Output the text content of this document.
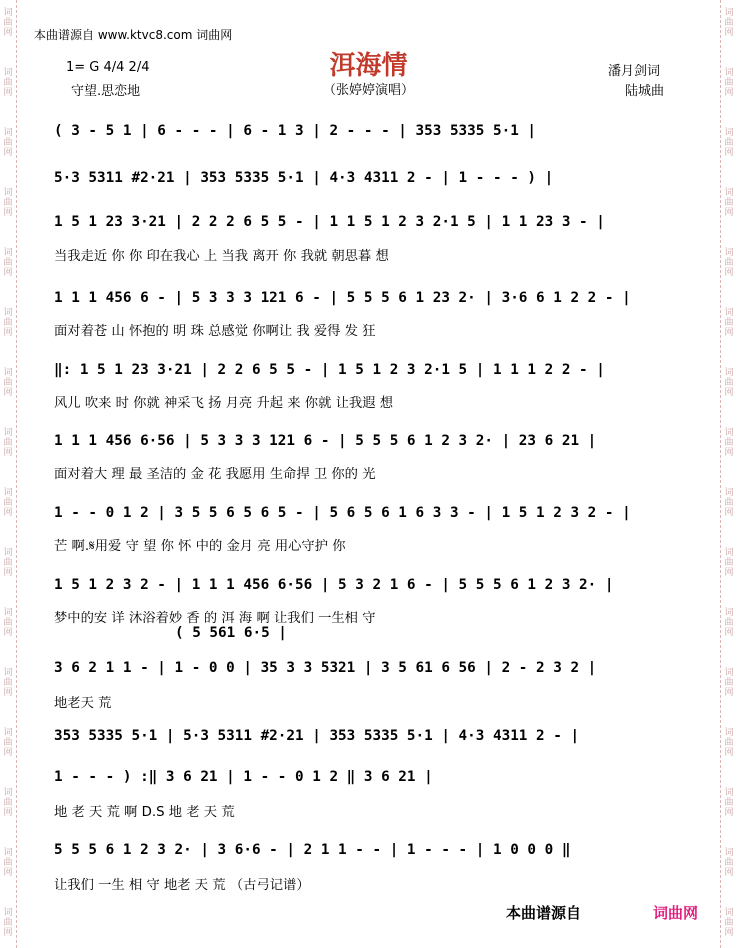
词曲网
词曲网
词曲网
词曲网
词曲网
词曲网
词曲网
词曲网
词曲网
词曲网
词曲网
词曲网
词曲网
词曲网
词曲网
词曲网
词曲网
词曲网
词曲网
词曲网
词曲网
词曲网
词曲网
词曲网
词曲网
词曲网
词曲网
词曲网
词曲网
词曲网
词曲网
词曲网
本曲谱源自 www.ktvc8.com 词曲网
1= G 4/4 2/4
守望.思恋地
洱海情
（张婷婷演唱）
潘月剑词
陆城曲
( 3 - 5 1 | 6 - - - | 6 - 1 3 | 2 - - - | 353 5335 5·1 |
5·3 5311 #2·21 | 353 5335 5·1 | 4·3 4311 2 - | 1 - - - ) |
1 5 1 23 3·21 | 2 2 2 6 5 5 - | 1 1 5 1 2 3 2·1 5 | 1 1 23 3 - |
当我走近 你 你 印在我心 上 当我 离开 你 我就 朝思暮 想
1 1 1 456 6 - | 5 3 3 3 121 6 - | 5 5 5 6 1 23 2· | 3·6 6 1 2 2 - |
面对着苍 山 怀抱的 明 珠 总感觉 你啊让 我 爱得 发 狂
‖: 1 5 1 23 3·21 | 2 2 6 5 5 - | 1 5 1 2 3 2·1 5 | 1 1 1 2 2 - |
风儿 吹来 时 你就 神采飞 扬 月亮 升起 来 你就 让我遐 想
1 1 1 456 6·56 | 5 3 3 3 121 6 - | 5 5 5 6 1 2 3 2· | 23 6 21 |
面对着大 理 最 圣洁的 金 花 我愿用 生命捍 卫 你的 光
1 - - 0 1 2 | 3 5 5 6 5 6 5 - | 5 6 5 6 1 6 3 3 - | 1 5 1 2 3 2 - |
芒 啊.𝄋用爱 守 望 你 怀 中的 金月 亮 用心守护 你
1 5 1 2 3 2 - | 1 1 1 456 6·56 | 5 3 2 1 6 - | 5 5 5 6 1 2 3 2· |
梦中的安 详 沐浴着妙 香 的 洱 海 啊 让我们 一生相 守
( 5 561 6·5 |
3 6 2 1 1 - | 1 - 0 0 | 35 3 3 5321 | 3 5 61 6 56 | 2 - 2 3 2 |
地老天 荒
353 5335 5·1 | 5·3 5311 #2·21 | 353 5335 5·1 | 4·3 4311 2 - |
1 - - - ) :‖ 3 6 21 | 1 - - 0 1 2 ‖ 3 6 21 |
地 老 天 荒 啊 D.S 地 老 天 荒
5 5 5 6 1 2 3 2· | 3 6·6 - | 2 1 1 - - | 1 - - - | 1 0 0 0 ‖
让我们 一生 相 守 地老 天 荒 （古弓记谱）
本曲谱源自	词曲网
